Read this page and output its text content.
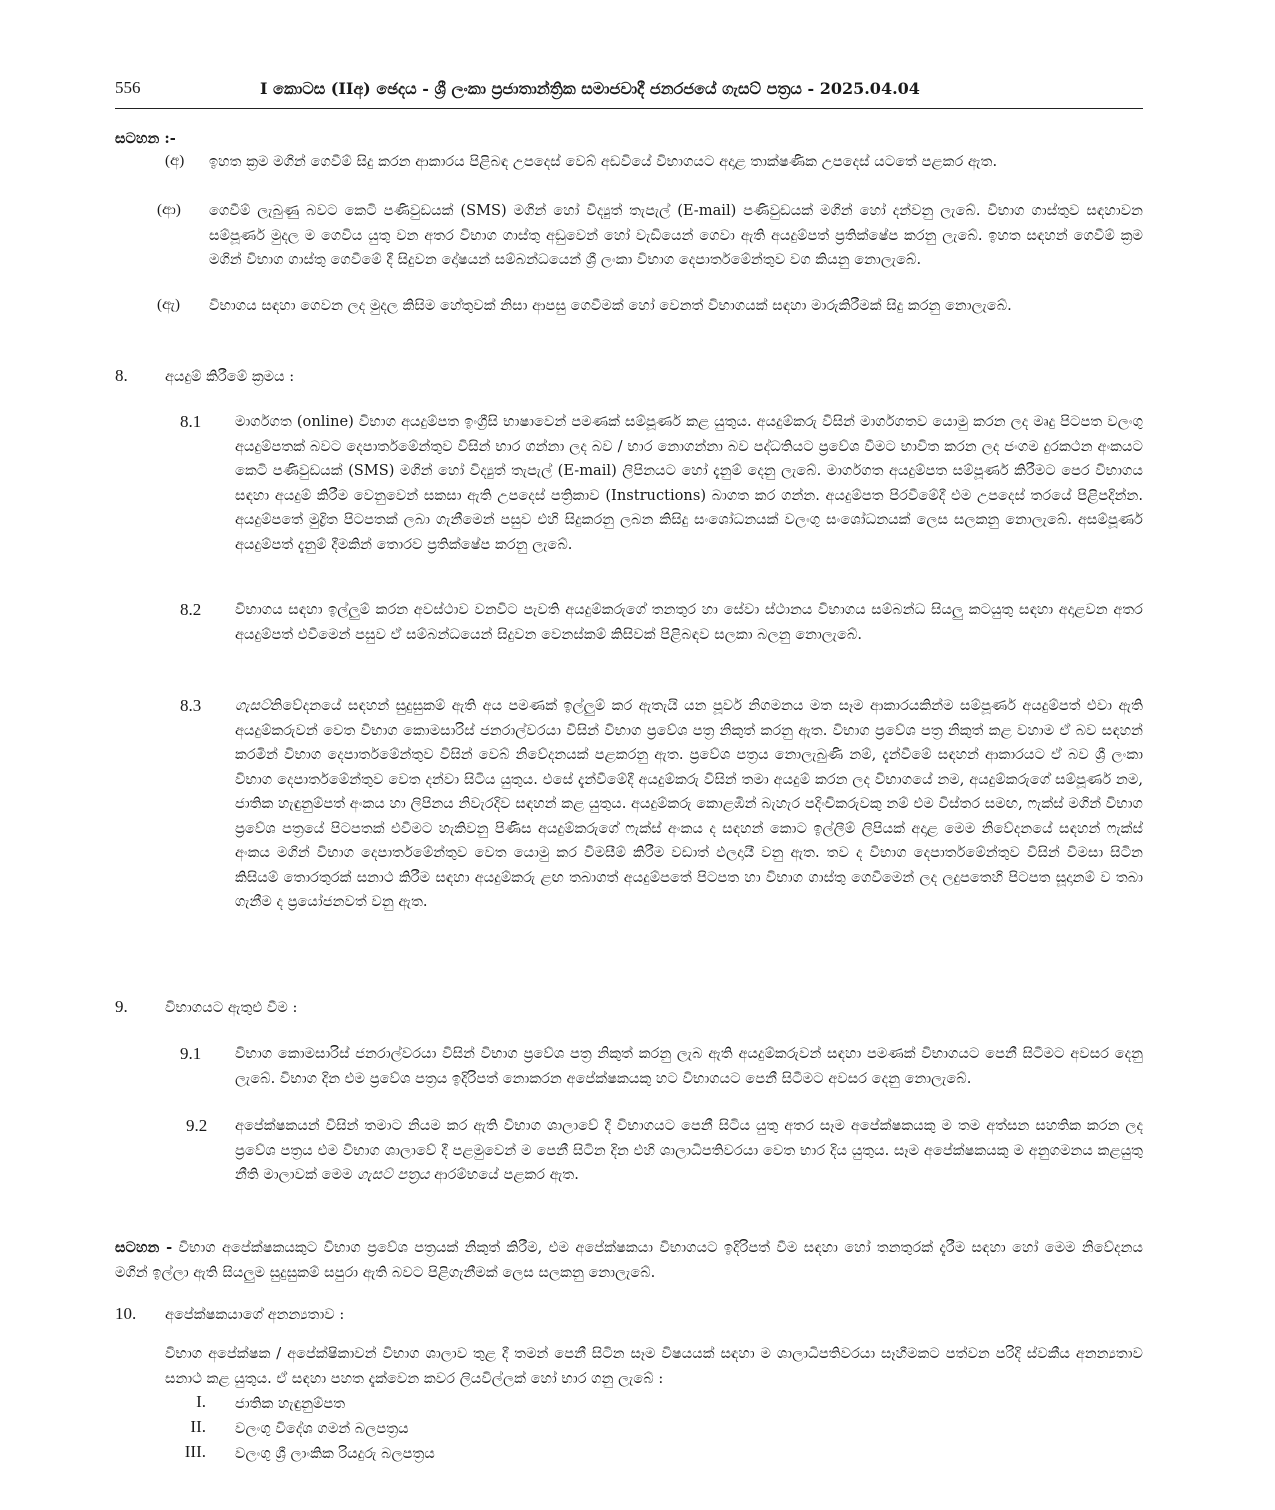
556	I කොටස (IIඅ) ඡෙදය - ශ්‍රී ලංකා ප්‍රජාතාන්ත්‍රික සමාජවාදී ජනරජයේ ගැසට් පත්‍රය - 2025.04.04
සටහන :-
(අ) ඉහත ක්‍රම මගින් ගෙවීම් සිදු කරන ආකාරය පිළිබඳ උපදෙස් වෙබ් අඩවියේ විභාගයට අදාළ තාක්ෂණික උපදෙස් යටතේ පළකර ඇත.
(ආ) ගෙවීම් ලැබුණු බවට කෙටි පණිවුඩයක් (SMS) මගින් හෝ විද්‍යුත් තැපැල් (E-mail) පණිවුඩයක් මගින් හෝ දන්වනු ලැබේ. විභාග ගාස්තුව සඳහාවන සම්පූර්ණ මුදල ම ගෙවිය යුතු වන අතර විභාග ගාස්තු අඩුවෙන් හෝ වැඩියෙන් ගෙවා ඇති අයදුම්පත් ප්‍රතික්ෂේප කරනු ලැබේ. ඉහත සඳහන් ගෙවීම් ක්‍රම මගින් විභාග ගාස්තු ගෙවීමේ දී සිදුවන දෝෂයන් සම්බන්ධයෙන් ශ්‍රී ලංකා විභාග දෙපාර්තමේන්තුව වග කියනු නොලැබේ.
(ඇ) විභාගය සඳහා ගෙවන ලද මුදල කිසිම හේතුවක් නිසා ආපසු ගෙවීමක් හෝ වෙනත් විභාගයක් සඳහා මාරුකිරීමක් සිදු කරනු නොලැබේ.
8.	අයදුම් කිරීමේ ක්‍රමය :
8.1 මාර්ගගත (online) විභාග අයදුම්පත ඉංග්‍රීසි භාෂාවෙන් පමණක් සම්පූර්ණ කළ යුතුය. අයදුම්කරු විසින් මාර්ගගතව යොමු කරන ලද මෘදු පිටපත වලංගු අයදුම්පතක් බවට දෙපාර්තමේන්තුව විසින් භාර ගන්නා ලද බව / භාර නොගන්නා බව පද්ධතියට ප්‍රවේශ වීමට භාවිත කරන ලද ජංගම දුරකථන අංකයට කෙටි පණිවුඩයක් (SMS) මගින් හෝ විද්‍යුත් තැපැල් (E-mail) ලිපිනයට හෝ දැනුම් දෙනු ලැබේ. මාර්ගගත අයදුම්පත සම්පූර්ණ කිරීමට පෙර විභාගය සඳහා අයදුම් කිරීම වෙනුවෙන් සකසා ඇති උපදෙස් පත්‍රිකාව (Instructions) බාගත කර ගන්න. අයදුම්පත පිරවීමේදී එම උපදෙස් තරයේ පිළිපදින්න. අයදුම්පතේ මුද්‍රිත පිටපතක් ලබා ගැනීමෙන් පසුව එහි සිදුකරනු ලබන කිසිදු සංශෝධනයක් වලංගු සංශෝධනයක් ලෙස සලකනු නොලැබේ. අසම්පූර්ණ අයදුම්පත් දැනුම් දීමකින් තොරව ප්‍රතික්ෂේප කරනු ලැබේ.
8.2 විභාගය සඳහා ඉල්ලුම් කරන අවස්ථාව වනවිට පැවති අයදුම්කරුගේ තනතුර හා සේවා ස්ථානය විභාගය සම්බන්ධ සියලු කටයුතු සඳහා අදාළවන අතර අයදුම්පත් එවීමෙන් පසුව ඒ සම්බන්ධයෙන් සිදුවන වෙනස්කම් කිසිවක් පිළිබඳව සලකා බලනු නොලැබේ.
8.3 ගැසට්නිවේදනයේ සඳහන් සුදුසුකම් ඇති අය පමණක් ඉල්ලුම් කර ඇතැයි යන පූර්ව නිගමනය මත සෑම ආකාරයකින්ම සම්පූර්ණ අයදුම්පත් එවා ඇති අයදුම්කරුවන් වෙත විභාග කොමසාරිස් ජනරාල්වරයා විසින් විභාග ප්‍රවේශ පත්‍ර නිකුත් කරනු ඇත. විභාග ප්‍රවේශ පත්‍ර නිකුත් කළ වහාම ඒ බව සඳහන් කරමින් විභාග දෙපාර්තමේන්තුව විසින් වෙබ් නිවේදනයක් පළකරනු ඇත. ප්‍රවේශ පත්‍රය නොලැබුණි නම්, දැන්වීමේ සඳහන් ආකාරයට ඒ බව ශ්‍රී ලංකා විභාග දෙපාර්තමේන්තුව වෙත දන්වා සිටිය යුතුය. එසේ දැන්වීමේදී අයදුම්කරු විසින් තමා අයදුම් කරන ලද විභාගයේ නම, අයදුම්කරුගේ සම්පූර්ණ නම, ජාතික හැඳුනුම්පත් අංකය හා ලිපිනය නිවැරදිව සඳහන් කළ යුතුය. අයදුම්කරු කොළඹින් බැහැර පදිංචිකරුවකු නම් එම විස්තර සමඟ, ෆැක්ස් මගින් විභාග ප්‍රවේශ පත්‍රයේ පිටපතක් එවීමට හැකිවනු පිණිස අයදුම්කරුගේ ෆැක්ස් අංකය ද සඳහන් කොට ඉල්ලීම් ලිපියක් අදාළ මෙම නිවේදනයේ සඳහන් ෆැක්ස් අංකය මගින් විභාග දෙපාර්තමේන්තුව වෙත යොමු කර විමසීම් කිරීම වඩාත් ඵලදායී වනු ඇත. තව ද විභාග දෙපාර්තමේන්තුව විසින් විමසා සිටින කිසියම් තොරතුරක් සනාථ කිරීම සඳහා අයදුම්කරු ළඟ තබාගත් අයදුම්පතේ පිටපත හා විභාග ගාස්තු ගෙවීමෙන් ලද ලදුපතෙහි පිටපත සූදානම් ව තබා ගැනීම ද ප්‍රයෝජනවත් වනු ඇත.
9.	විභාගයට ඇතුළු වීම :
9.1 විභාග කොමසාරිස් ජනරාල්වරයා විසින් විභාග ප්‍රවේශ පත්‍ර නිකුත් කරනු ලැබ ඇති අයදුම්කරුවන් සඳහා පමණක් විභාගයට පෙනී සිටීමට අවසර දෙනු ලැබේ. විභාග දින එම ප්‍රවේශ පත්‍රය ඉදිරිපත් නොකරන අපේක්ෂකයකු හට විභාගයට පෙනී සිටීමට අවසර දෙනු නොලැබේ.
9.2 අපේක්ෂකයන් විසින් තමාට නියම කර ඇති විභාග ශාලාවේ දී විභාගයට පෙනී සිටිය යුතු අතර සෑම අපේක්ෂකයකු ම තම අත්සන සහතික කරන ලද ප්‍රවේශ පත්‍රය එම විභාග ශාලාවේ දී පළමුවෙන් ම පෙනී සිටින දින එහි ශාලාධිපතිවරයා වෙත භාර දිය යුතුය. සෑම අපේක්ෂකයකු ම අනුගමනය කළයුතු නීති මාලාවක් මෙම ගැසට් පත්‍රය ආරම්භයේ පළකර ඇත.
සටහන - විභාග අපේක්ෂකයකුට විභාග ප්‍රවේශ පත්‍රයක් නිකුත් කිරීම, එම අපේක්ෂකයා විභාගයට ඉදිරිපත් වීම සඳහා හෝ තනතුරක් දැරීම සඳහා හෝ මෙම නිවේදනය මගින් ඉල්ලා ඇති සියලුම සුදුසුකම් සපුරා ඇති බවට පිළිගැනීමක් ලෙස සලකනු නොලැබේ.
10. අපේක්ෂකයාගේ අනන්‍යතාව :
විභාග අපේක්ෂක / අපේක්ෂිකාවන් විභාග ශාලාව තුළ දී තමන් පෙනී සිටින සෑම විෂයයක් සඳහා ම ශාලාධිපතිවරයා සෑහීමකට පත්වන පරිදි ස්වකීය අනන්‍යතාව සනාථ කළ යුතුය. ඒ සඳහා පහත දැක්වෙන කවර ලියවිල්ලක් හෝ භාර ගනු ලැබේ :
I. ජාතික හැඳුනුම්පත
II. වලංගු විදේශ ගමන් බලපත්‍රය
III. වලංගු ශ්‍රී ලාංකික රියදුරු බලපත්‍රය
